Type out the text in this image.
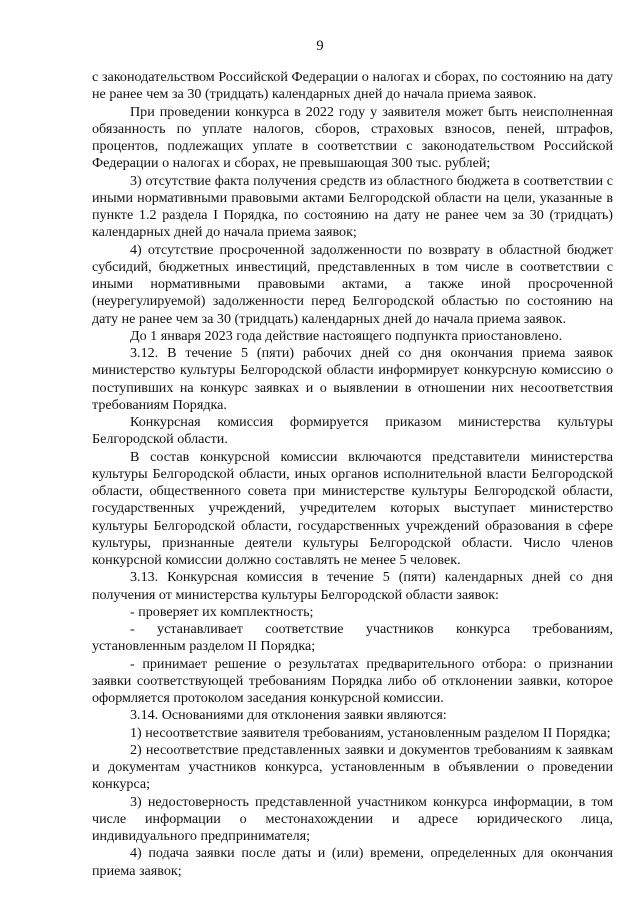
9

с законодательством Российской Федерации о налогах и сборах, по состоянию на дату не ранее чем за 30 (тридцать) календарных дней до начала приема заявок.

При проведении конкурса в 2022 году у заявителя может быть неисполненная обязанность по уплате налогов, сборов, страховых взносов, пеней, штрафов, процентов, подлежащих уплате в соответствии с законодательством Российской Федерации о налогах и сборах, не превышающая 300 тыс. рублей;

3) отсутствие факта получения средств из областного бюджета в соответствии с иными нормативными правовыми актами Белгородской области на цели, указанные в пункте 1.2 раздела I Порядка, по состоянию на дату не ранее чем за 30 (тридцать) календарных дней до начала приема заявок;

4) отсутствие просроченной задолженности по возврату в областной бюджет субсидий, бюджетных инвестиций, представленных в том числе в соответствии с иными нормативными правовыми актами, а также иной просроченной (неурегулируемой) задолженности перед Белгородской областью по состоянию на дату не ранее чем за 30 (тридцать) календарных дней до начала приема заявок.

До 1 января 2023 года действие настоящего подпункта приостановлено.

3.12. В течение 5 (пяти) рабочих дней со дня окончания приема заявок министерство культуры Белгородской области информирует конкурсную комиссию о поступивших на конкурс заявках и о выявлении в отношении них несоответствия требованиям Порядка.

Конкурсная комиссия формируется приказом министерства культуры Белгородской области.

В состав конкурсной комиссии включаются представители министерства культуры Белгородской области, иных органов исполнительной власти Белгородской области, общественного совета при министерстве культуры Белгородской области, государственных учреждений, учредителем которых выступает министерство культуры Белгородской области, государственных учреждений образования в сфере культуры, признанные деятели культуры Белгородской области. Число членов конкурсной комиссии должно составлять не менее 5 человек.

3.13. Конкурсная комиссия в течение 5 (пяти) календарных дней со дня получения от министерства культуры Белгородской области заявок:

- проверяет их комплектность;

- устанавливает соответствие участников конкурса требованиям, установленным разделом II Порядка;

- принимает решение о результатах предварительного отбора: о признании заявки соответствующей требованиям Порядка либо об отклонении заявки, которое оформляется протоколом заседания конкурсной комиссии.

3.14. Основаниями для отклонения заявки являются:

1) несоответствие заявителя требованиям, установленным разделом II Порядка;

2) несоответствие представленных заявки и документов требованиям к заявкам и документам участников конкурса, установленным в объявлении о проведении конкурса;

3) недостоверность представленной участником конкурса информации, в том числе информации о местонахождении и адресе юридического лица, индивидуального предпринимателя;

4) подача заявки после даты и (или) времени, определенных для окончания приема заявок;
